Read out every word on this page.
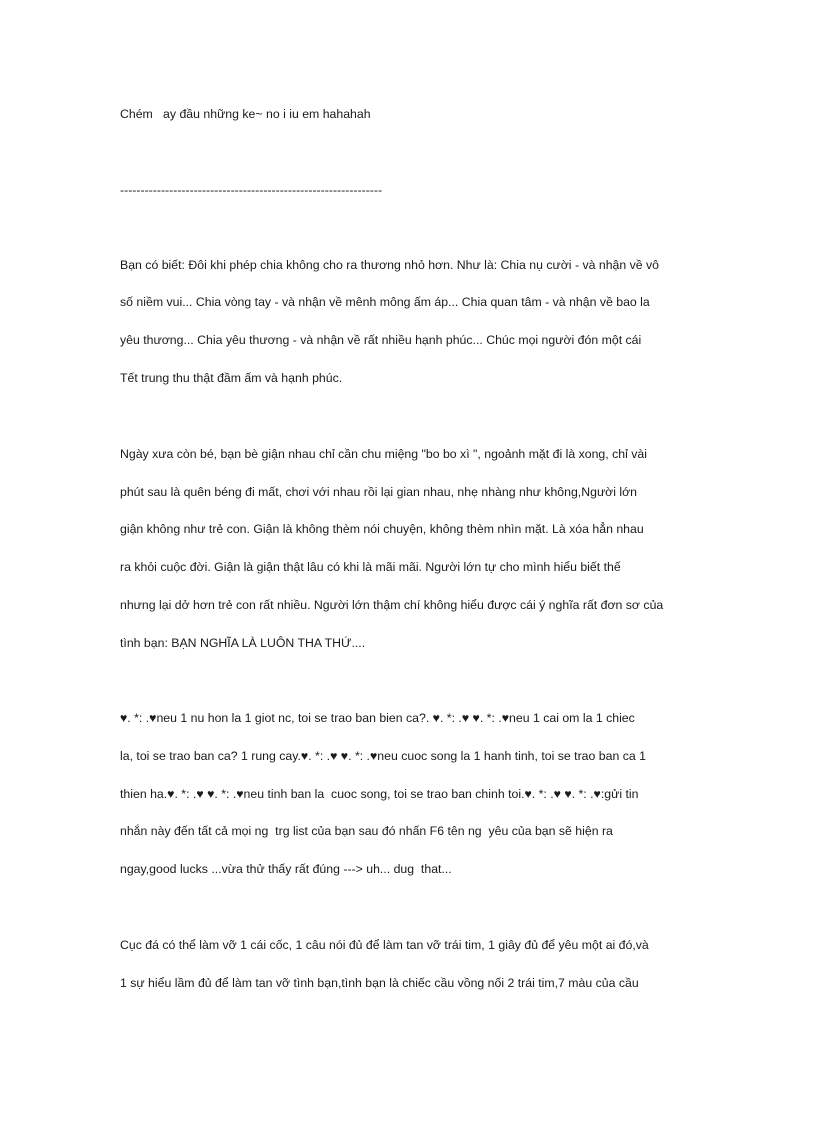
Chém   ay đầu những ke~ no i iu em hahahah
----------------------------------------------------------------
Bạn có biết: Đôi khi phép chia không cho ra thương nhỏ hơn. Như là: Chia nụ cười - và nhận về vô
số niềm vui... Chia vòng tay - và nhận về mênh mông ấm áp... Chia quan tâm - và nhận về bao la
yêu thương... Chia yêu thương - và nhận về rất nhiều hạnh phúc... Chúc mọi người đón một cái
Tết trung thu thật đầm ấm và hạnh phúc.
Ngày xưa còn bé, bạn bè giận nhau chỉ cần chu miệng "bo bo xì ", ngoảnh mặt đi là xong, chỉ vài
phút sau là quên béng đi mất, chơi với nhau rồi lại gian nhau, nhẹ nhàng như không,Người lớn
giận không như trẻ con. Giận là không thèm nói chuyện, không thèm nhìn mặt. Là xóa hẳn nhau
ra khỏi cuộc đời. Giận là giận thật lâu có khi là mãi mãi. Người lớn tự cho mình hiểu biết thế
nhưng lại dở hơn trẻ con rất nhiều. Người lớn thậm chí không hiểu được cái ý nghĩa rất đơn sơ của
tình bạn: BẠN NGHĨA LÀ LUÔN THA THỨ....
♥. *: .♥neu 1 nu hon la 1 giot nc, toi se trao ban bien ca?. ♥. *: .♥ ♥. *: .♥neu 1 cai om la 1 chiec
la, toi se trao ban ca? 1 rung cay.♥. *: .♥ ♥. *: .♥neu cuoc song la 1 hanh tinh, toi se trao ban ca 1
thien ha.♥. *: .♥ ♥. *: .♥neu tinh ban la  cuoc song, toi se trao ban chinh toi.♥. *: .♥ ♥. *: .♥:gửi tin
nhắn này đến tất cả mọi ng  trg list của bạn sau đó nhấn F6 tên ng  yêu của bạn sẽ hiện ra
ngay,good lucks ...vừa thử thấy rất đúng ---> uh... dug  that...
Cục đá có thể làm vỡ 1 cái cốc, 1 câu nói đủ để làm tan vỡ trái tim, 1 giây đủ để yêu một ai đó,và
1 sự hiểu lầm đủ để làm tan vỡ tình bạn,tình bạn là chiếc cầu vồng nối 2 trái tim,7 màu của cầu
